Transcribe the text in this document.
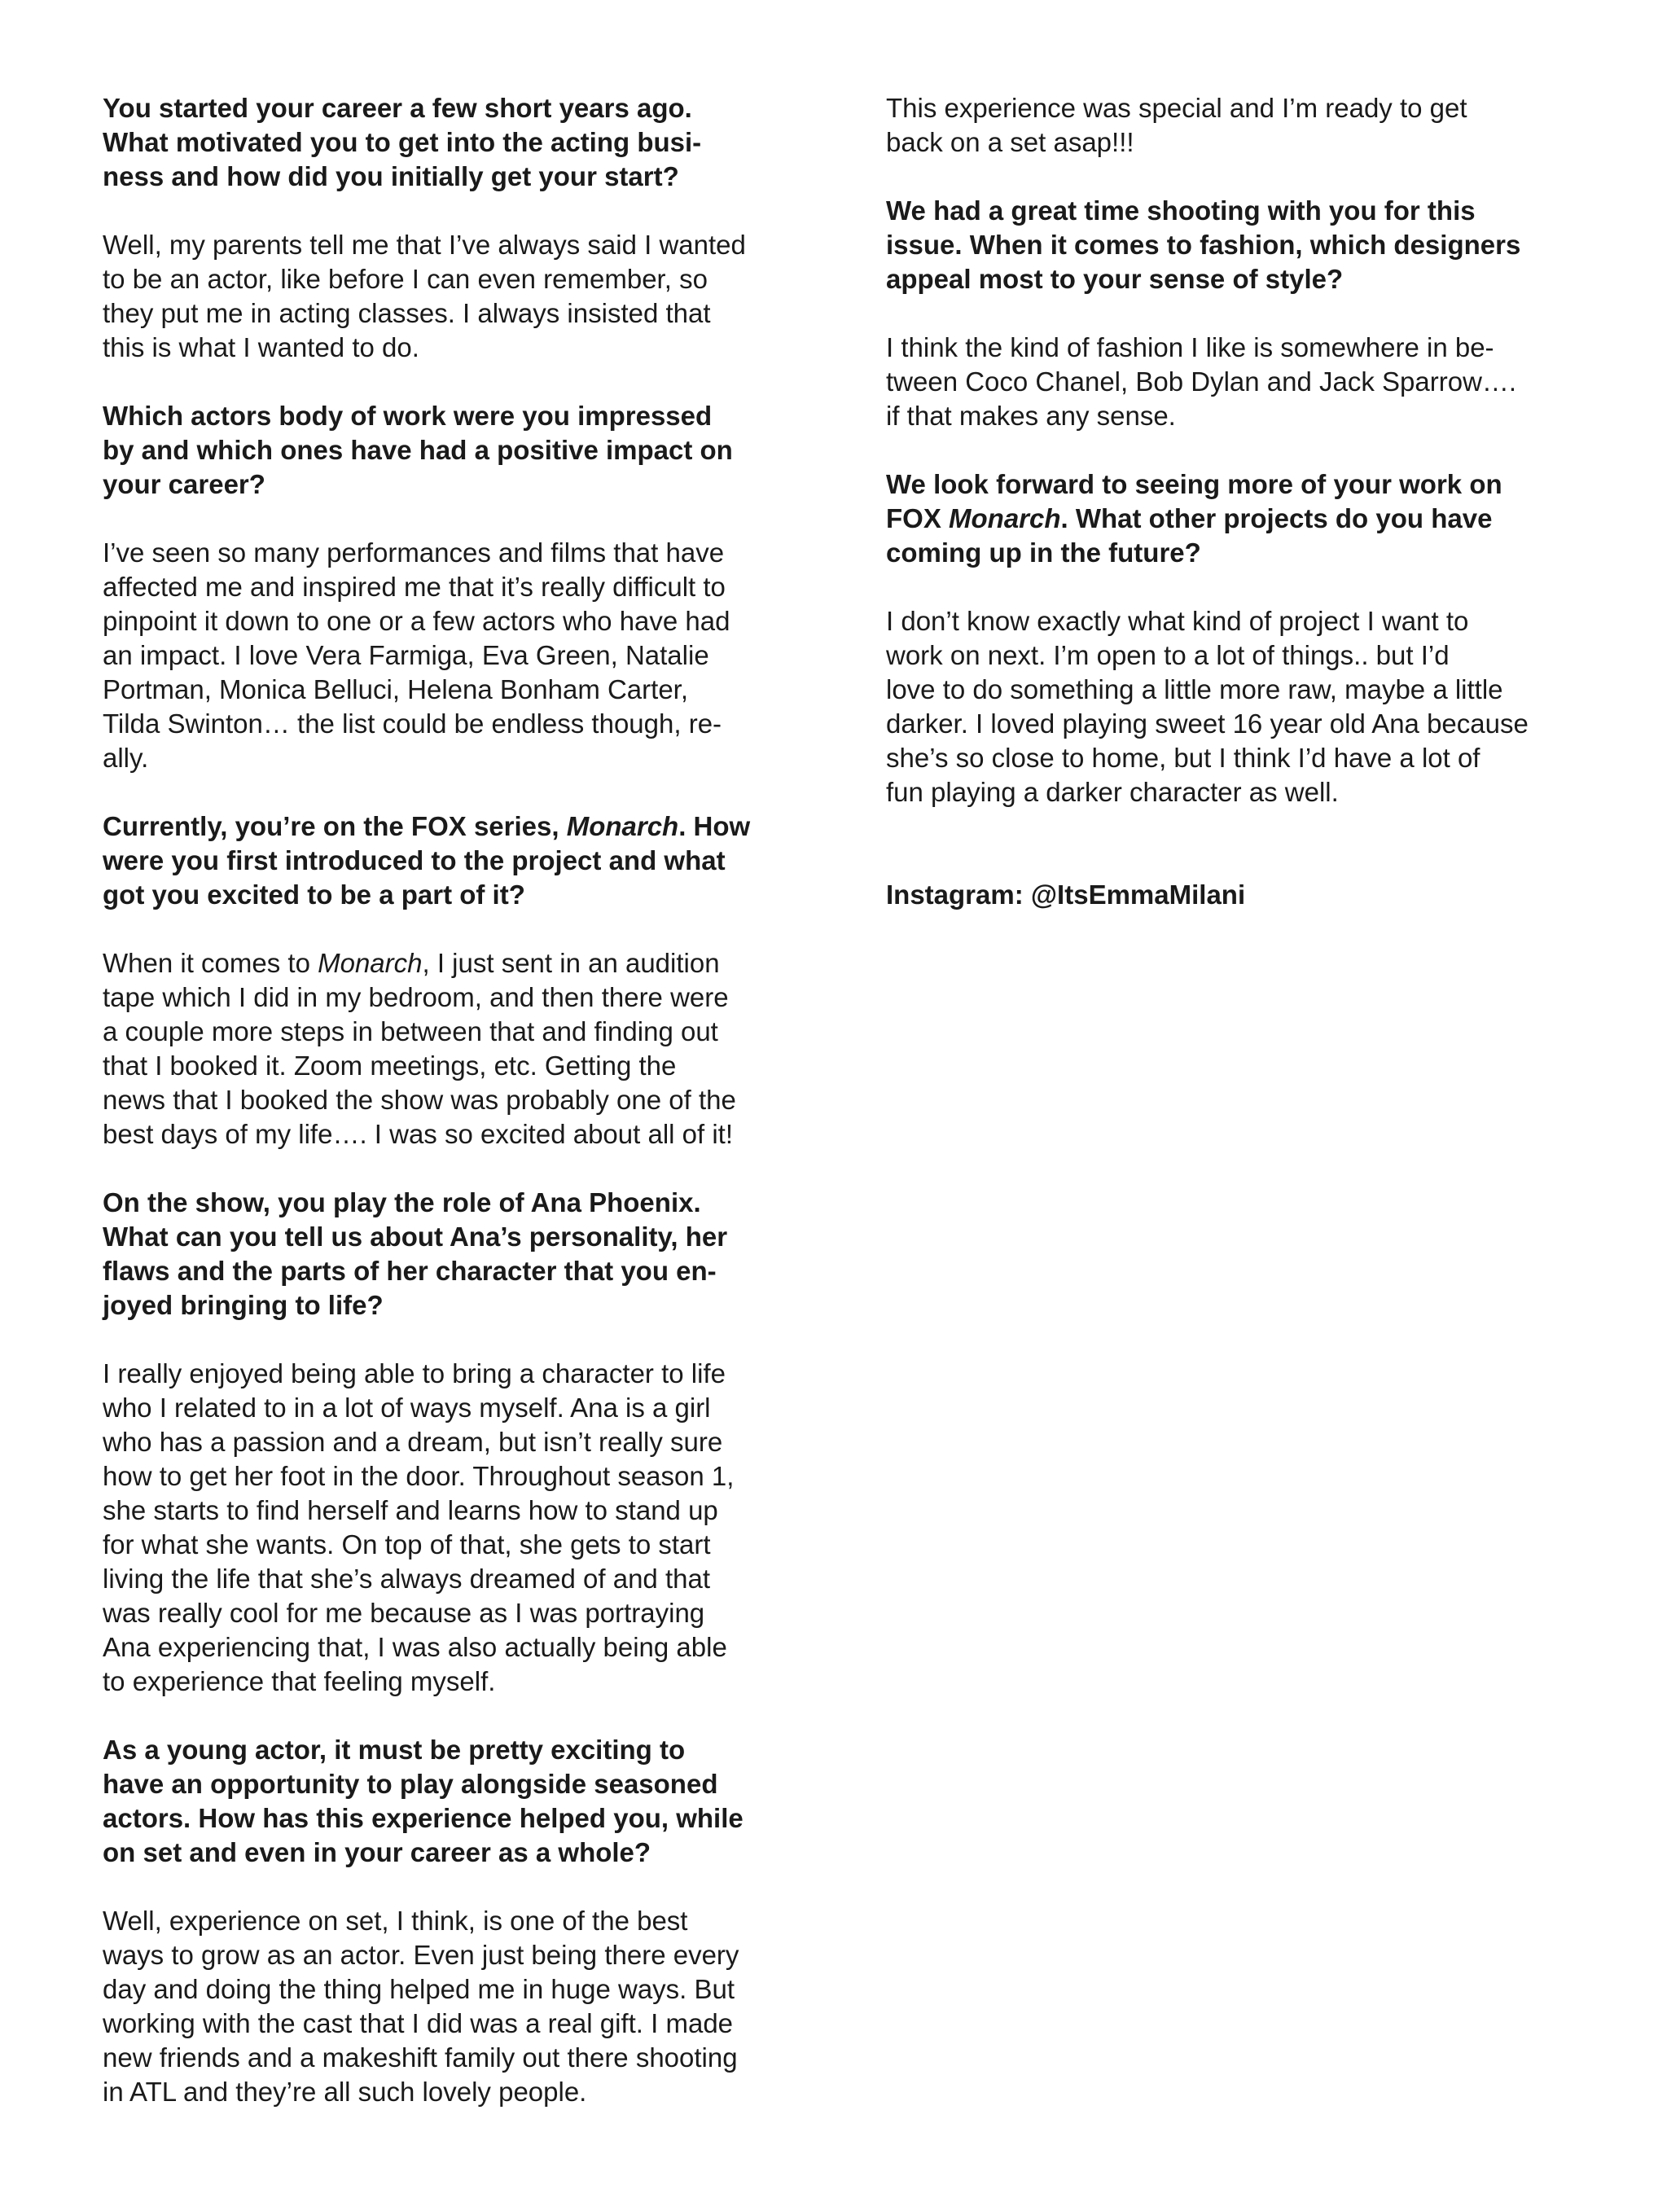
You started your career a few short years ago.
What motivated you to get into the acting busi-
ness and how did you initially get your start?
Well, my parents tell me that I’ve always said I wanted
to be an actor, like before I can even remember, so
they put me in acting classes. I always insisted that
this is what I wanted to do.
Which actors body of work were you impressed
by and which ones have had a positive impact on
your career?
I’ve seen so many performances and films that have
affected me and inspired me that it’s really difficult to
pinpoint it down to one or a few actors who have had
an impact. I love Vera Farmiga, Eva Green, Natalie
Portman, Monica Belluci, Helena Bonham Carter,
Tilda Swinton… the list could be endless though, re-
ally.
Currently, you’re on the FOX series, Monarch. How
were you first introduced to the project and what
got you excited to be a part of it?
When it comes to Monarch, I just sent in an audition
tape which I did in my bedroom, and then there were
a couple more steps in between that and finding out
that I booked it. Zoom meetings, etc. Getting the
news that I booked the show was probably one of the
best days of my life…. I was so excited about all of it!
On the show, you play the role of Ana Phoenix.
What can you tell us about Ana’s personality, her
flaws and the parts of her character that you en-
joyed bringing to life?
I really enjoyed being able to bring a character to life
who I related to in a lot of ways myself. Ana is a girl
who has a passion and a dream, but isn’t really sure
how to get her foot in the door. Throughout season 1,
she starts to find herself and learns how to stand up
for what she wants. On top of that, she gets to start
living the life that she’s always dreamed of and that
was really cool for me because as I was portraying
Ana experiencing that, I was also actually being able
to experience that feeling myself.
As a young actor, it must be pretty exciting to
have an opportunity to play alongside seasoned
actors. How has this experience helped you, while
on set and even in your career as a whole?
Well, experience on set, I think, is one of the best
ways to grow as an actor. Even just being there every
day and doing the thing helped me in huge ways. But
working with the cast that I did was a real gift. I made
new friends and a makeshift family out there shooting
in ATL and they’re all such lovely people.
This experience was special and I’m ready to get
back on a set asap!!!
We had a great time shooting with you for this
issue. When it comes to fashion, which designers
appeal most to your sense of style?
I think the kind of fashion I like is somewhere in be-
tween Coco Chanel, Bob Dylan and Jack Sparrow….
if that makes any sense.
We look forward to seeing more of your work on
FOX Monarch. What other projects do you have
coming up in the future?
I don’t know exactly what kind of project I want to
work on next. I’m open to a lot of things.. but I’d
love to do something a little more raw, maybe a little
darker. I loved playing sweet 16 year old Ana because
she’s so close to home, but I think I’d have a lot of
fun playing a darker character as well.
Instagram: @ItsEmmaMilani
